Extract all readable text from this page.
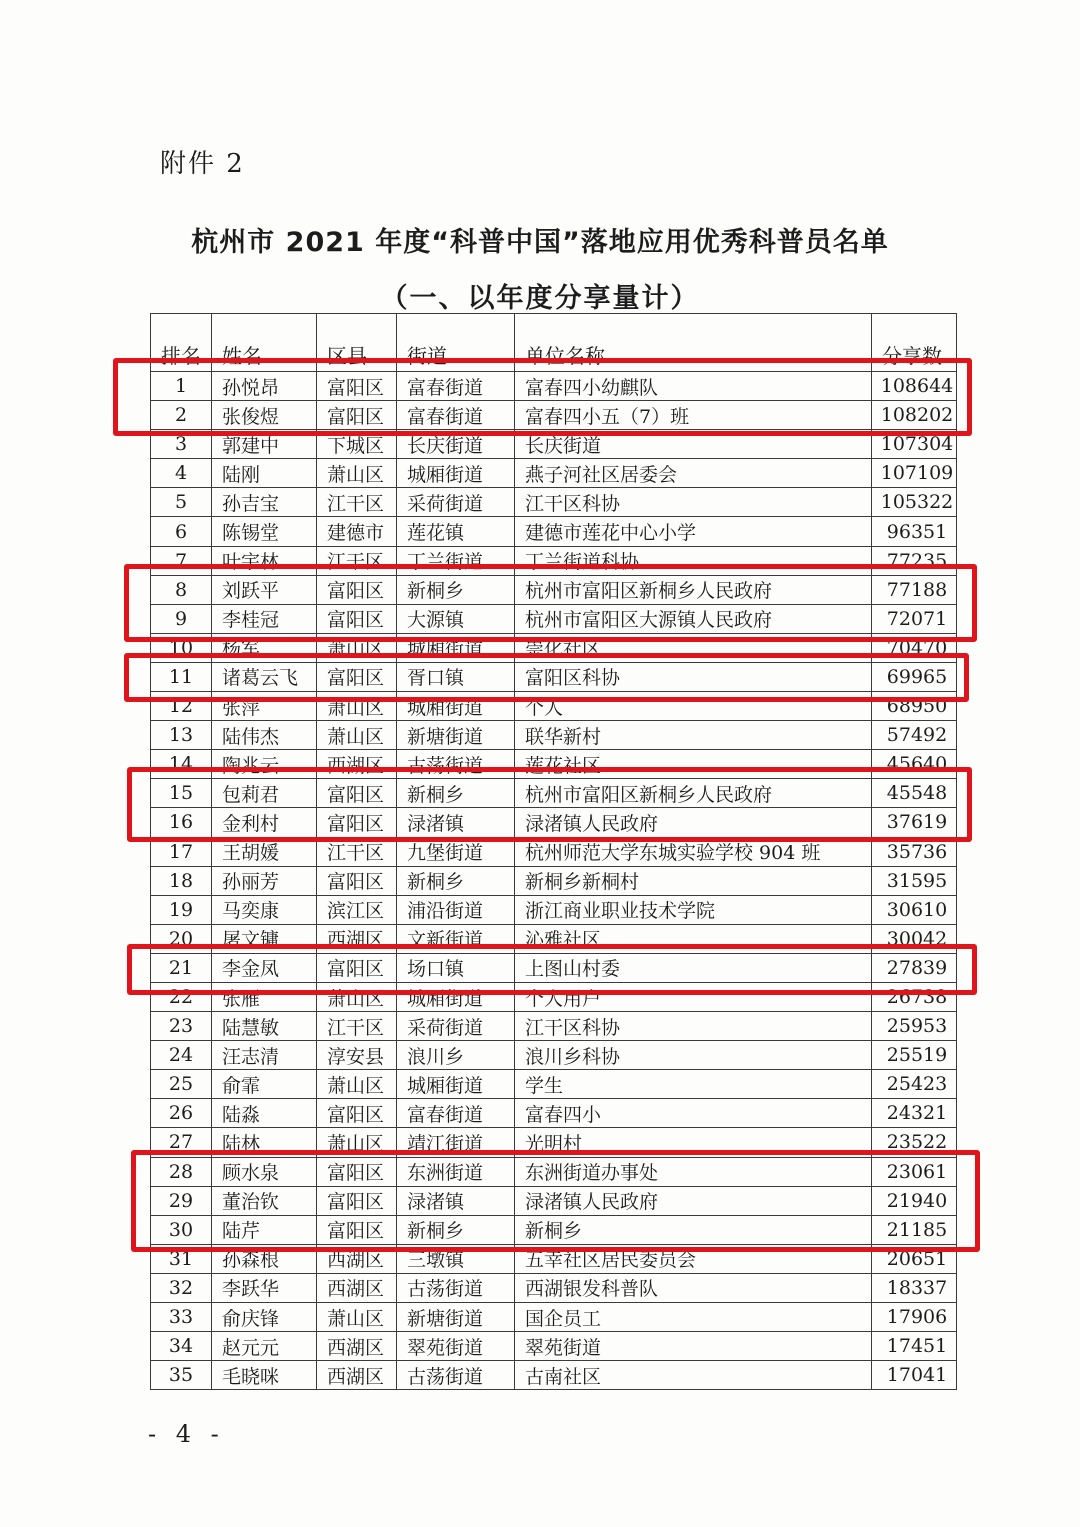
附件 2
杭州市 2021 年度“科普中国”落地应用优秀科普员名单
（一、以年度分享量计）
排名	姓名	区县	街道	单位名称	分享数
1	孙悦昂	富阳区	富春街道	富春四小幼麒队	108644
2	张俊煜	富阳区	富春街道	富春四小五（7）班	108202
3	郭建中	下城区	长庆街道	长庆街道	107304
4	陆刚	萧山区	城厢街道	燕子河社区居委会	107109
5	孙吉宝	江干区	采荷街道	江干区科协	105322
6	陈锡堂	建德市	莲花镇	建德市莲花中心小学	96351
7	叶宇林	江干区	丁兰街道	丁兰街道科协	77235
8	刘跃平	富阳区	新桐乡	杭州市富阳区新桐乡人民政府	77188
9	李桂冠	富阳区	大源镇	杭州市富阳区大源镇人民政府	72071
10	杨军	萧山区	城厢街道	崇化社区	70470
11	诸葛云飞	富阳区	胥口镇	富阳区科协	69965
12	张萍	萧山区	城厢街道	个人	68950
13	陆伟杰	萧山区	新塘街道	联华新村	57492
14	陶兆云	西湖区	古荡街道	莲花社区	45640
15	包莉君	富阳区	新桐乡	杭州市富阳区新桐乡人民政府	45548
16	金利村	富阳区	渌渚镇	渌渚镇人民政府	37619
17	王胡媛	江干区	九堡街道	杭州师范大学东城实验学校 904 班	35736
18	孙丽芳	富阳区	新桐乡	新桐乡新桐村	31595
19	马奕康	滨江区	浦沿街道	浙江商业职业技术学院	30610
20	屠文镛	西湖区	文新街道	沁雅社区	30042
21	李金凤	富阳区	场口镇	上图山村委	27839
22	张雁	萧山区	城厢街道	个人用户	26738
23	陆慧敏	江干区	采荷街道	江干区科协	25953
24	汪志清	淳安县	浪川乡	浪川乡科协	25519
25	俞霏	萧山区	城厢街道	学生	25423
26	陆淼	富阳区	富春街道	富春四小	24321
27	陆林	萧山区	靖江街道	光明村	23522
28	顾水泉	富阳区	东洲街道	东洲街道办事处	23061
29	董治钦	富阳区	渌渚镇	渌渚镇人民政府	21940
30	陆芹	富阳区	新桐乡	新桐乡	21185
31	孙森根	西湖区	三墩镇	五幸社区居民委员会	20651
32	李跃华	西湖区	古荡街道	西湖银发科普队	18337
33	俞庆锋	萧山区	新塘街道	国企员工	17906
34	赵元元	西湖区	翠苑街道	翠苑街道	17451
35	毛晓咪	西湖区	古荡街道	古南社区	17041
- 4 -
